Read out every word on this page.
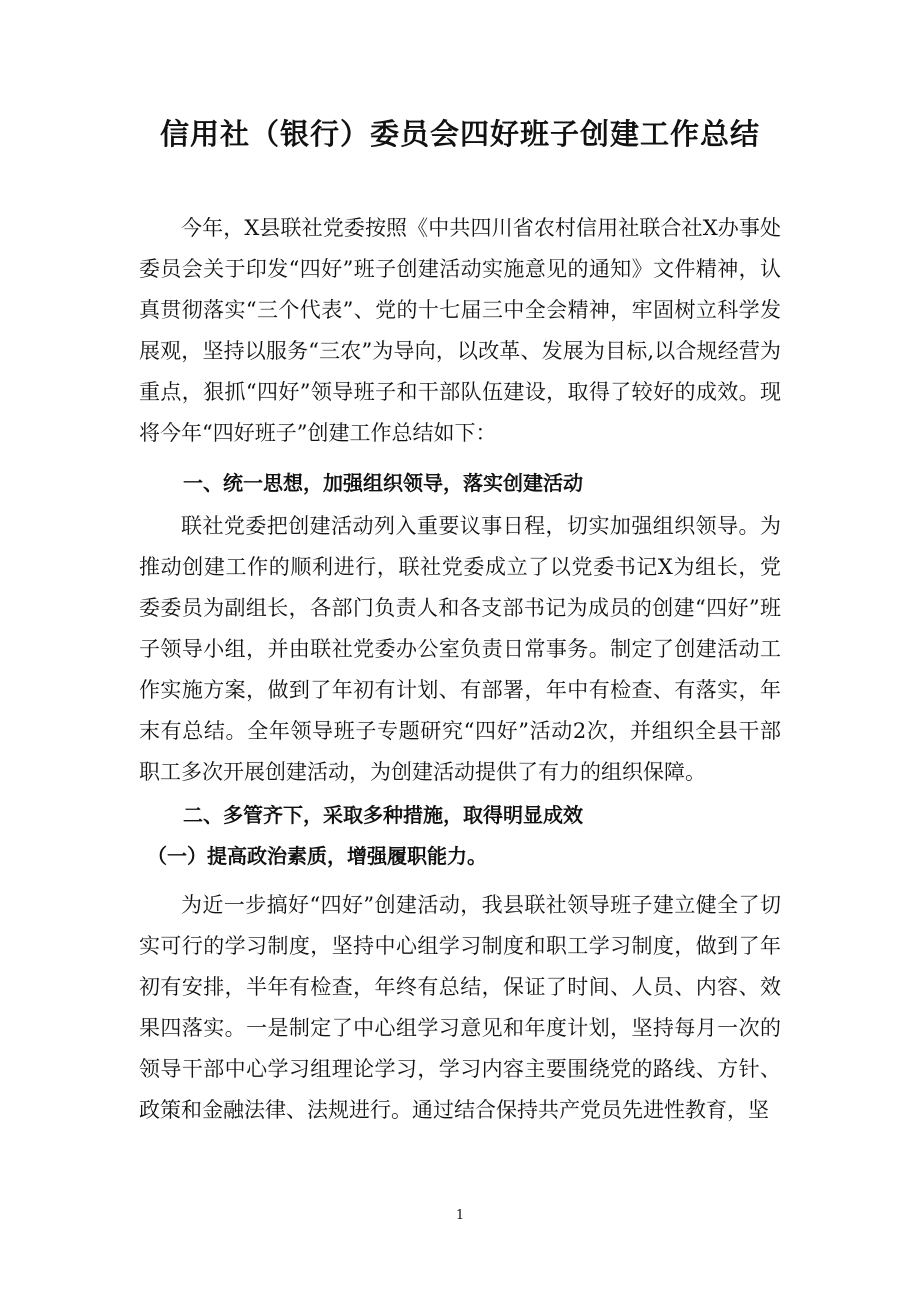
信用社（银行）委员会四好班子创建工作总结

今年，X县联社党委按照《中共四川省农村信用社联合社X办事处委员会关于印发“四好”班子创建活动实施意见的通知》文件精神，认真贯彻落实“三个代表”、党的十七届三中全会精神，牢固树立科学发展观，坚持以服务“三农”为导向，以改革、发展为目标,以合规经营为重点，狠抓“四好”领导班子和干部队伍建设，取得了较好的成效。现将今年“四好班子”创建工作总结如下：

一、统一思想，加强组织领导，落实创建活动

联社党委把创建活动列入重要议事日程，切实加强组织领导。为推动创建工作的顺利进行，联社党委成立了以党委书记X为组长，党委委员为副组长，各部门负责人和各支部书记为成员的创建“四好”班子领导小组，并由联社党委办公室负责日常事务。制定了创建活动工作实施方案，做到了年初有计划、有部署，年中有检查、有落实，年末有总结。全年领导班子专题研究“四好”活动2次，并组织全县干部职工多次开展创建活动，为创建活动提供了有力的组织保障。

二、多管齐下，采取多种措施，取得明显成效

（一）提高政治素质，增强履职能力。

为近一步搞好“四好”创建活动，我县联社领导班子建立健全了切实可行的学习制度，坚持中心组学习制度和职工学习制度，做到了年初有安排，半年有检查，年终有总结，保证了时间、人员、内容、效果四落实。一是制定了中心组学习意见和年度计划，坚持每月一次的领导干部中心学习组理论学习，学习内容主要围绕党的路线、方针、政策和金融法律、法规进行。通过结合保持共产党员先进性教育，坚

1
